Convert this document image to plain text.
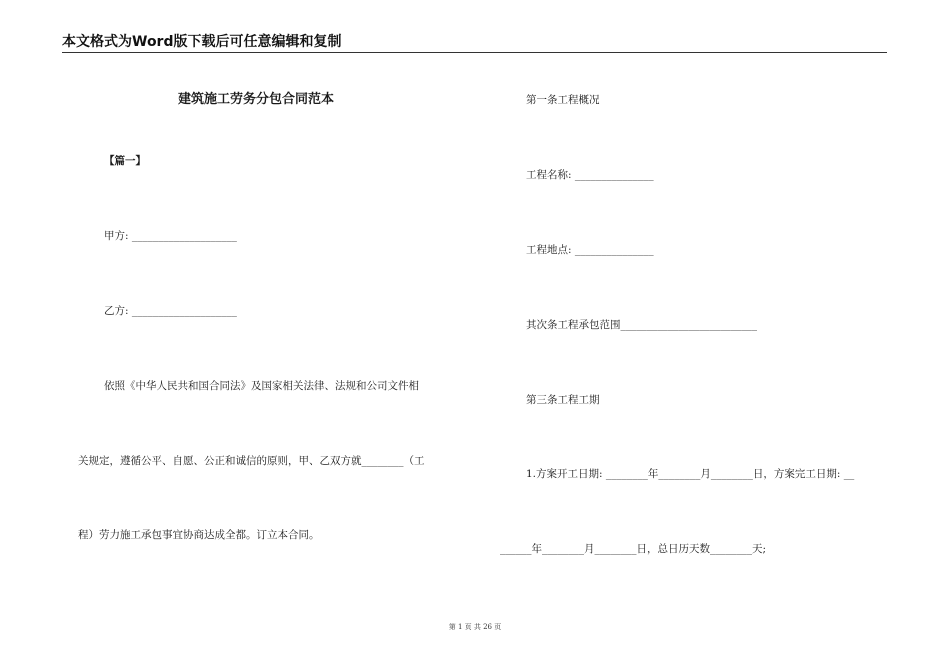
本文格式为Word版下载后可任意编辑和复制
建筑施工劳务分包合同范本
【篇一】
甲方: ____________________
乙方: ____________________
依照《中华人民共和国合同法》及国家相关法律、法规和公司文件相
关规定，遵循公平、自愿、公正和诚信的原则，甲、乙双方就________（工
程）劳力施工承包事宜协商达成全都。订立本合同。
第一条工程概况
工程名称: _______________
工程地点: _______________
其次条工程承包范围__________________________
第三条工程工期
1.方案开工日期: ________年________月________日，方案完工日期: __
______年________月________日，总日历天数________天;
第 1 页 共 26 页
